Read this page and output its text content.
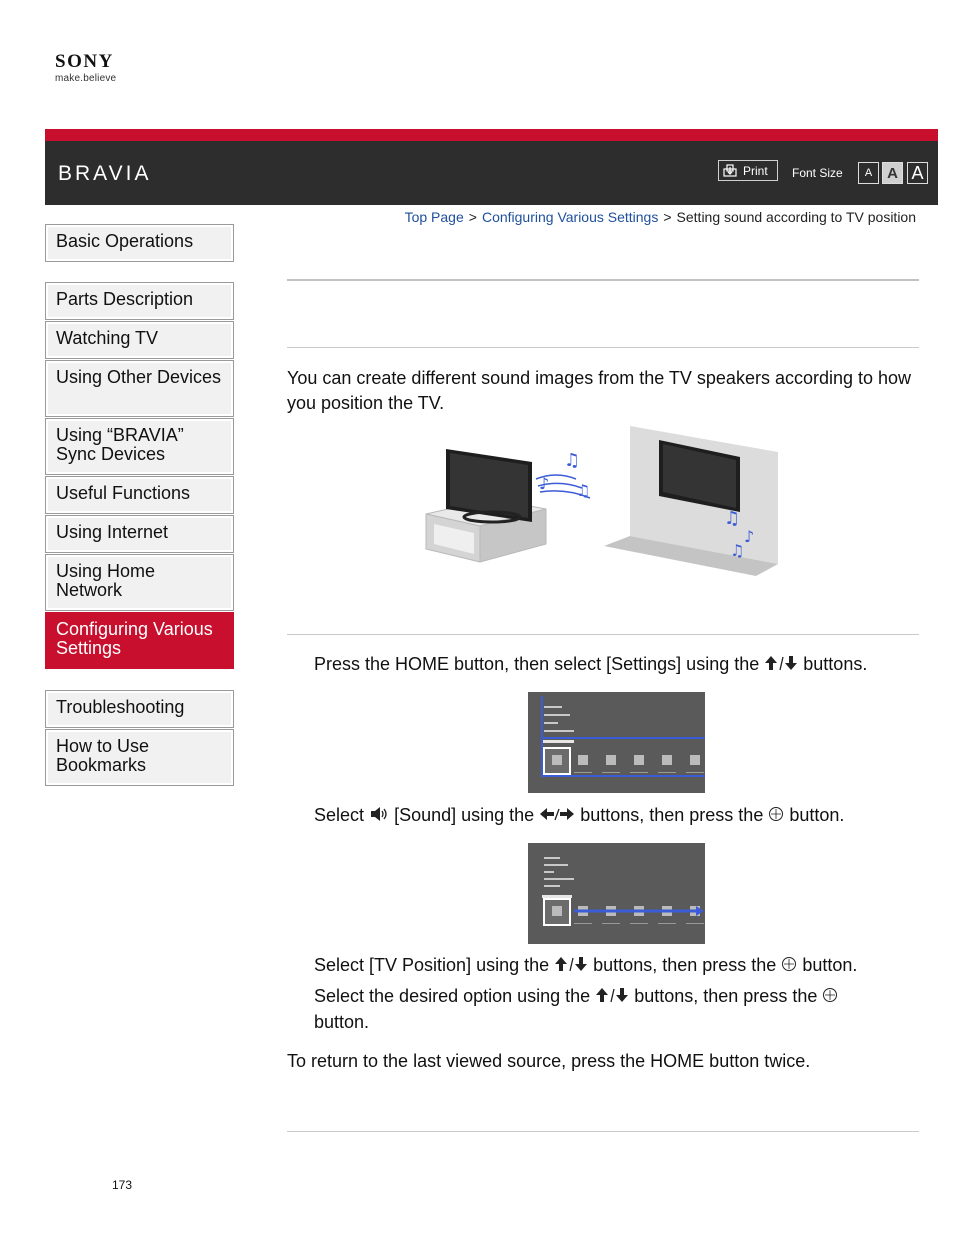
SONY
make.believe
BRAVIA	Print Font Size	A A A
Top Page > Configuring Various Settings > Setting sound according to TV position
Basic Operations
Parts Description
Watching TV
Using Other Devices
Using “BRAVIA” Sync Devices
Useful Functions
Using Internet
Using Home Network
Configuring Various Settings
Troubleshooting
How to Use Bookmarks
You can create different sound images from the TV speakers according to how you position the TV.
♫
♪ ♫
♫
♪
♫
Press the HOME button, then select [Settings] using the buttons.
Select [Sound] using the	buttons, then press the button.
Select [TV Position] using the buttons, then press the button.
Select the desired option using the buttons, then press the
button.
To return to the last viewed source, press the HOME button twice.
173
